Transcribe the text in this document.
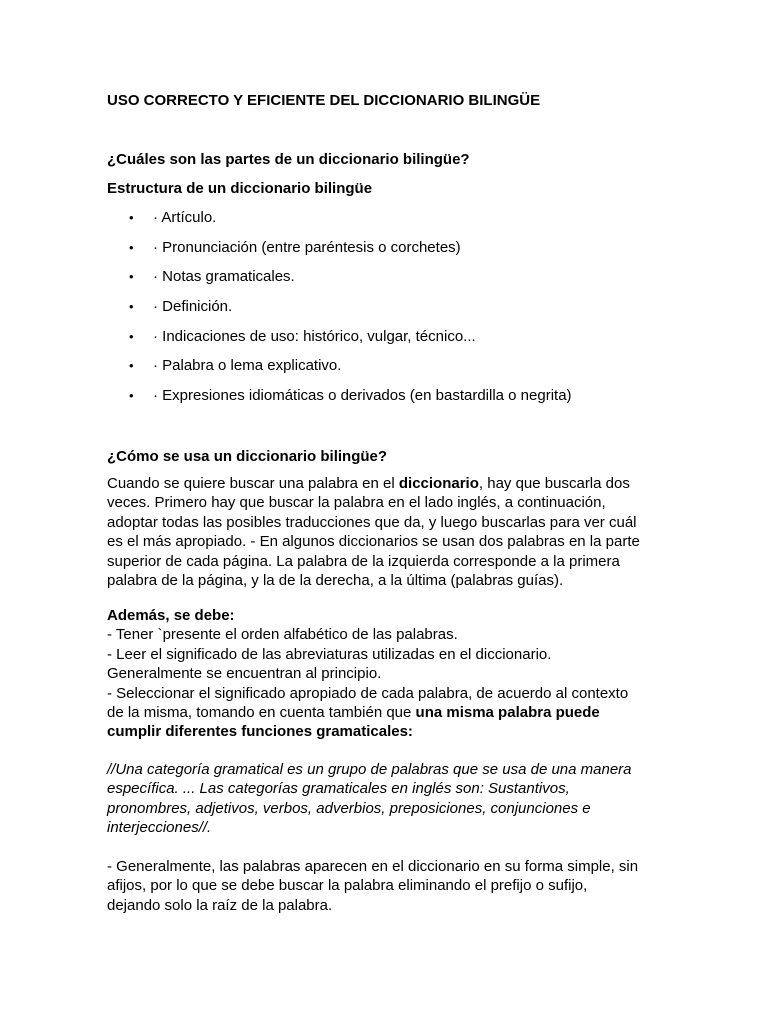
USO CORRECTO Y EFICIENTE DEL DICCIONARIO BILINGÜE
¿Cuáles son las partes de un diccionario bilingüe?
Estructura de un diccionario bilingüe
• · Artículo.
• · Pronunciación (entre paréntesis o corchetes)
• · Notas gramaticales.
• · Definición.
• · Indicaciones de uso: histórico, vulgar, técnico...
• · Palabra o lema explicativo.
• · Expresiones idiomáticas o derivados (en bastardilla o negrita)
¿Cómo se usa un diccionario bilingüe?
Cuando se quiere buscar una palabra en el diccionario, hay que buscarla dos
veces. Primero hay que buscar la palabra en el lado inglés, a continuación,
adoptar todas las posibles traducciones que da, y luego buscarlas para ver cuál
es el más apropiado. - En algunos diccionarios se usan dos palabras en la parte
superior de cada página. La palabra de la izquierda corresponde a la primera
palabra de la página, y la de la derecha, a la última (palabras guías).
Además, se debe:
- Tener `presente el orden alfabético de las palabras.
- Leer el significado de las abreviaturas utilizadas en el diccionario.
Generalmente se encuentran al principio.
- Seleccionar el significado apropiado de cada palabra, de acuerdo al contexto
de la misma, tomando en cuenta también que una misma palabra puede
cumplir diferentes funciones gramaticales:
//Una categoría gramatical es un grupo de palabras que se usa de una manera
específica. ... Las categorías gramaticales en inglés son: Sustantivos,
pronombres, adjetivos, verbos, adverbios, preposiciones, conjunciones e
interjecciones//.
- Generalmente, las palabras aparecen en el diccionario en su forma simple, sin
afijos, por lo que se debe buscar la palabra eliminando el prefijo o sufijo,
dejando solo la raíz de la palabra.
